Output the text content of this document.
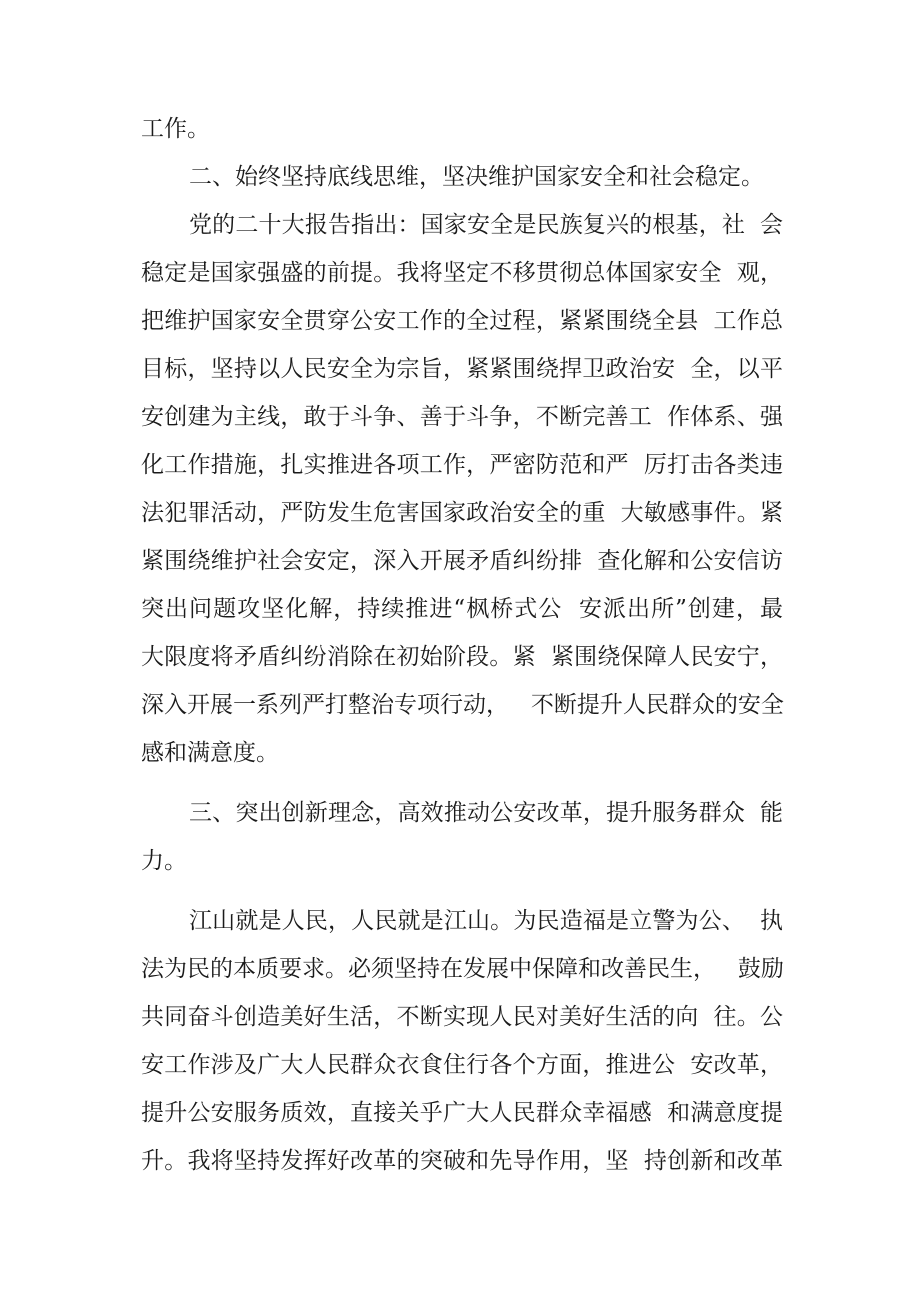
工作。
二、始终坚持底线思维，坚决维护国家安全和社会稳定。
党的二十大报告指出：国家安全是民族复兴的根基，社  会
稳定是国家强盛的前提。我将坚定不移贯彻总体国家安全  观，
把维护国家安全贯穿公安工作的全过程，紧紧围绕全县  工作总
目标，坚持以人民安全为宗旨，紧紧围绕捍卫政治安  全，以平
安创建为主线，敢于斗争、善于斗争，不断完善工  作体系、强
化工作措施，扎实推进各项工作，严密防范和严  厉打击各类违
法犯罪活动，严防发生危害国家政治安全的重  大敏感事件。紧
紧围绕维护社会安定，深入开展矛盾纠纷排  查化解和公安信访
突出问题攻坚化解，持续推进“枫桥式公  安派出所”创建，最
大限度将矛盾纠纷消除在初始阶段。紧  紧围绕保障人民安宁，
深入开展一系列严打整治专项行动，   不断提升人民群众的安全
感和满意度。
三、突出创新理念，高效推动公安改革，提升服务群众  能
力。
江山就是人民，人民就是江山。为民造福是立警为公、  执
法为民的本质要求。必须坚持在发展中保障和改善民生，   鼓励
共同奋斗创造美好生活，不断实现人民对美好生活的向  往。公
安工作涉及广大人民群众衣食住行各个方面，推进公  安改革，
提升公安服务质效，直接关乎广大人民群众幸福感  和满意度提
升。我将坚持发挥好改革的突破和先导作用，坚  持创新和改革
